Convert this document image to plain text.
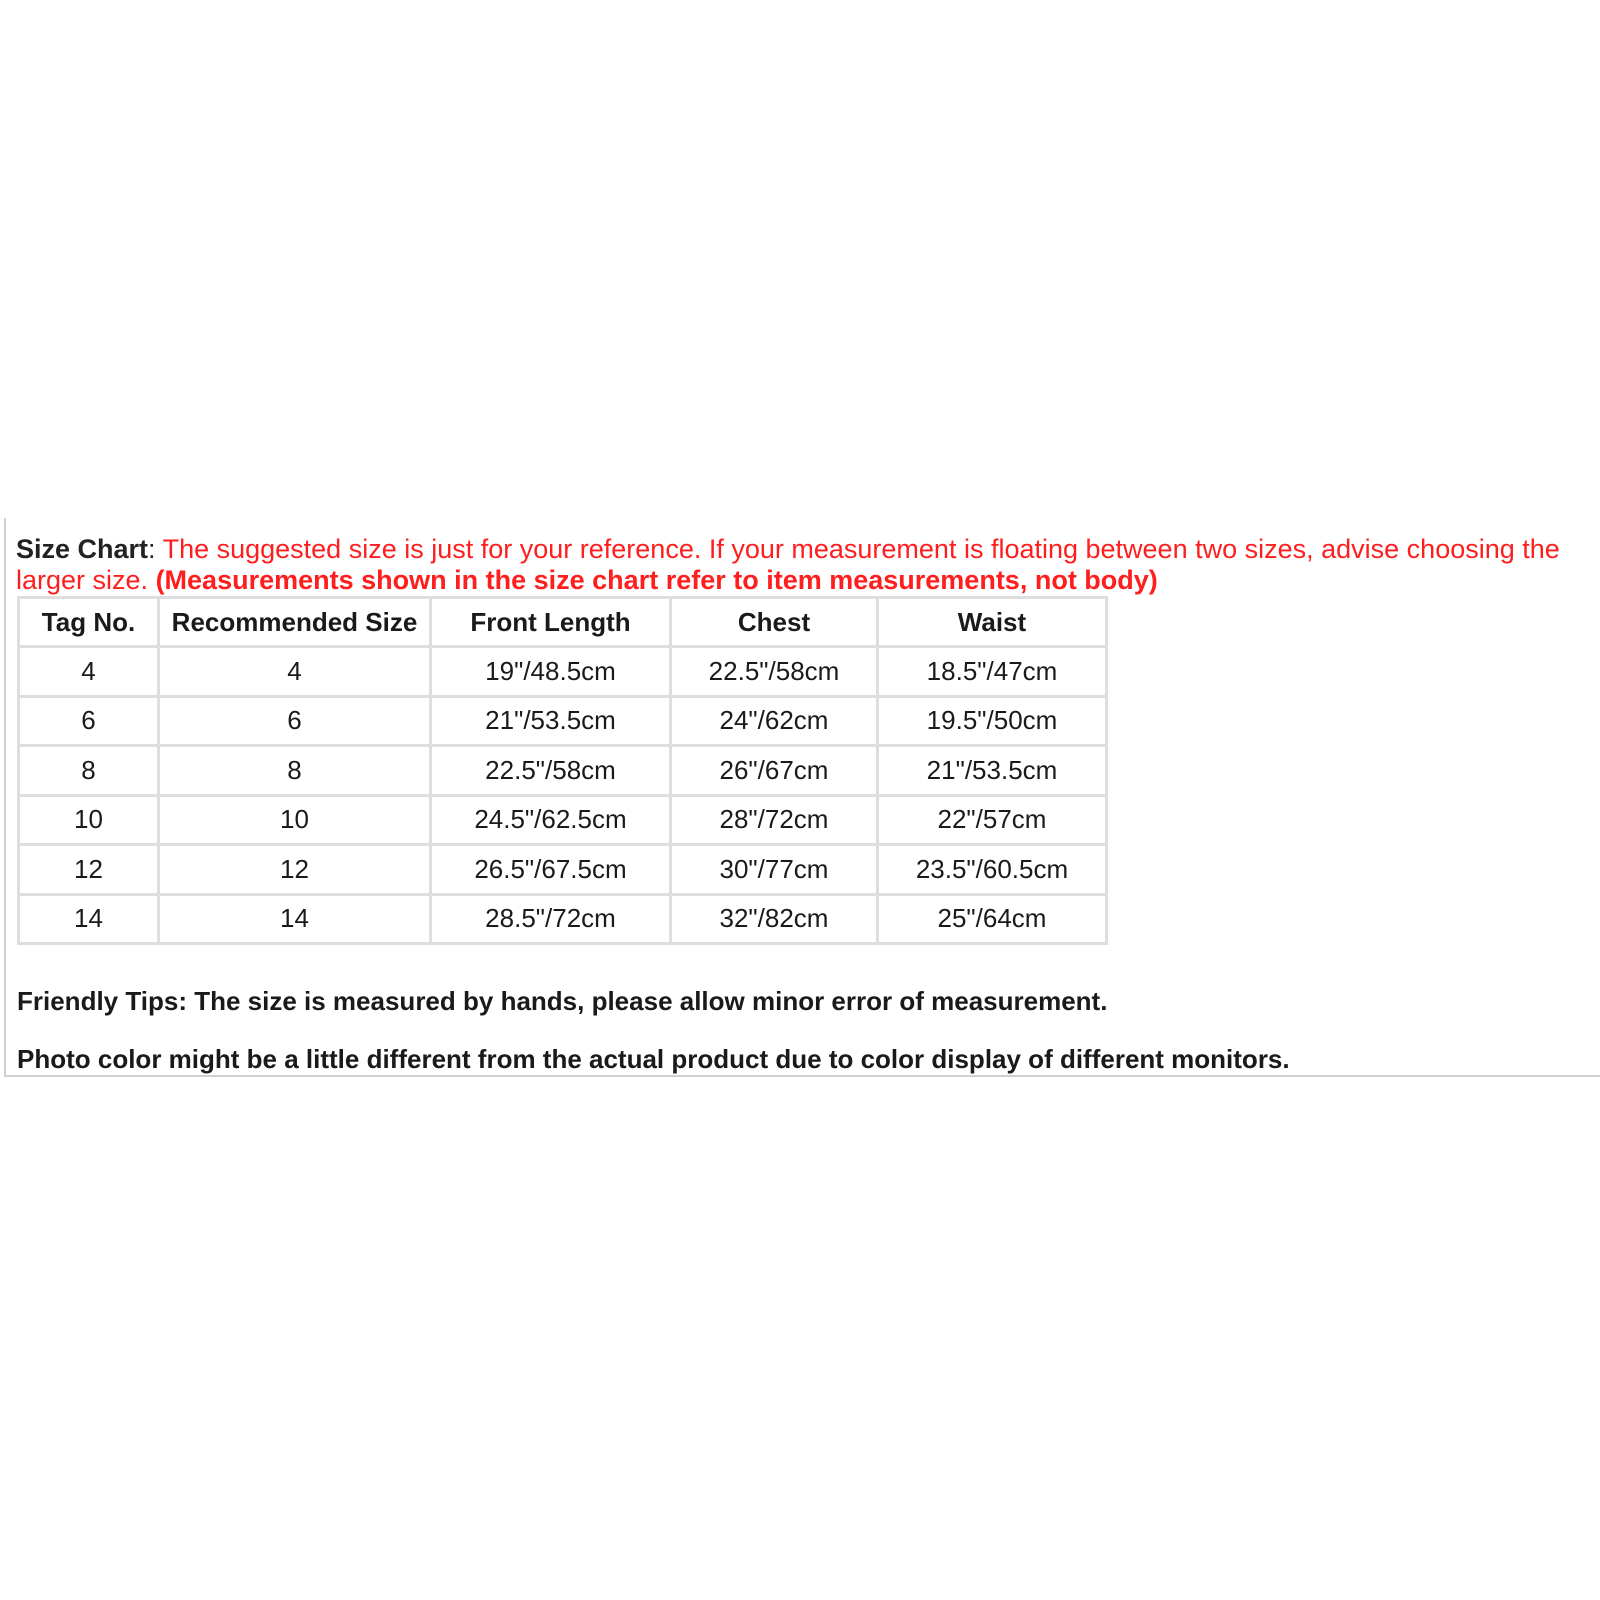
Size Chart: The suggested size is just for your reference. If your measurement is floating between two sizes, advise choosing the larger size. (Measurements shown in the size chart refer to item measurements, not body)

Tag No.	Recommended Size	Front Length	Chest	Waist
4	4	19"/48.5cm	22.5"/58cm	18.5"/47cm
6	6	21"/53.5cm	24"/62cm	19.5"/50cm
8	8	22.5"/58cm	26"/67cm	21"/53.5cm
10	10	24.5"/62.5cm	28"/72cm	22"/57cm
12	12	26.5"/67.5cm	30"/77cm	23.5"/60.5cm
14	14	28.5"/72cm	32"/82cm	25"/64cm

Friendly Tips: The size is measured by hands, please allow minor error of measurement.

Photo color might be a little different from the actual product due to color display of different monitors.
